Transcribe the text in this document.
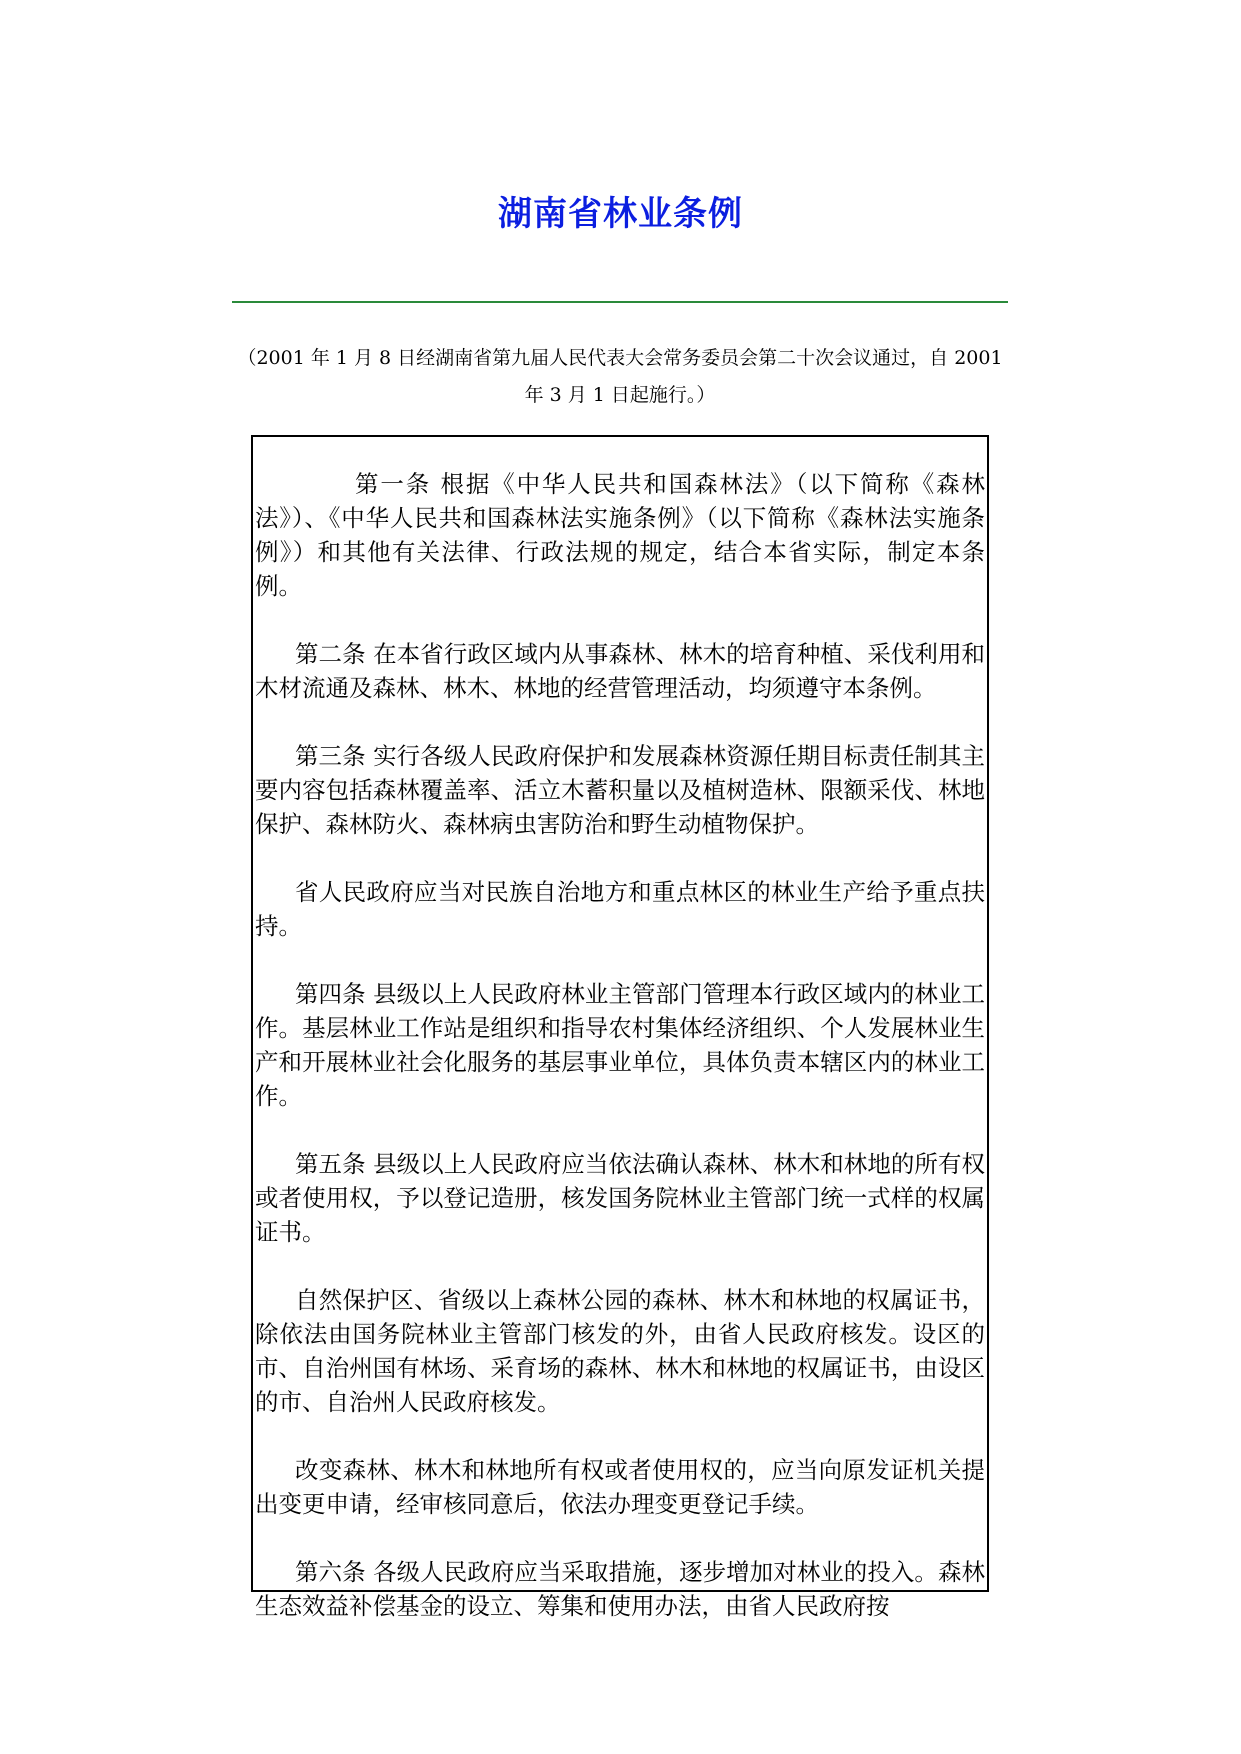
湖南省林业条例
（2001 年 1 月 8 日经湖南省第九届人民代表大会常务委员会第二十次会议通过，自 2001 年 3 月 1 日起施行。）

第一条 根据《中华人民共和国森林法》（以下简称《森林法》）、《中华人民共和国森林法实施条例》（以下简称《森林法实施条例》）和其他有关法律、行政法规的规定，结合本省实际，制定本条例。

第二条 在本省行政区域内从事森林、林木的培育种植、采伐利用和木材流通及森林、林木、林地的经营管理活动，均须遵守本条例。

第三条 实行各级人民政府保护和发展森林资源任期目标责任制其主要内容包括森林覆盖率、活立木蓄积量以及植树造林、限额采伐、林地保护、森林防火、森林病虫害防治和野生动植物保护。

省人民政府应当对民族自治地方和重点林区的林业生产给予重点扶持。

第四条 县级以上人民政府林业主管部门管理本行政区域内的林业工作。基层林业工作站是组织和指导农村集体经济组织、个人发展林业生产和开展林业社会化服务的基层事业单位，具体负责本辖区内的林业工作。

第五条 县级以上人民政府应当依法确认森林、林木和林地的所有权或者使用权，予以登记造册，核发国务院林业主管部门统一式样的权属证书。

自然保护区、省级以上森林公园的森林、林木和林地的权属证书，除依法由国务院林业主管部门核发的外，由省人民政府核发。设区的市、自治州国有林场、采育场的森林、林木和林地的权属证书，由设区的市、自治州人民政府核发。

改变森林、林木和林地所有权或者使用权的，应当向原发证机关提出变更申请，经审核同意后，依法办理变更登记手续。

第六条 各级人民政府应当采取措施，逐步增加对林业的投入。森林生态效益补偿基金的设立、筹集和使用办法，由省人民政府按
